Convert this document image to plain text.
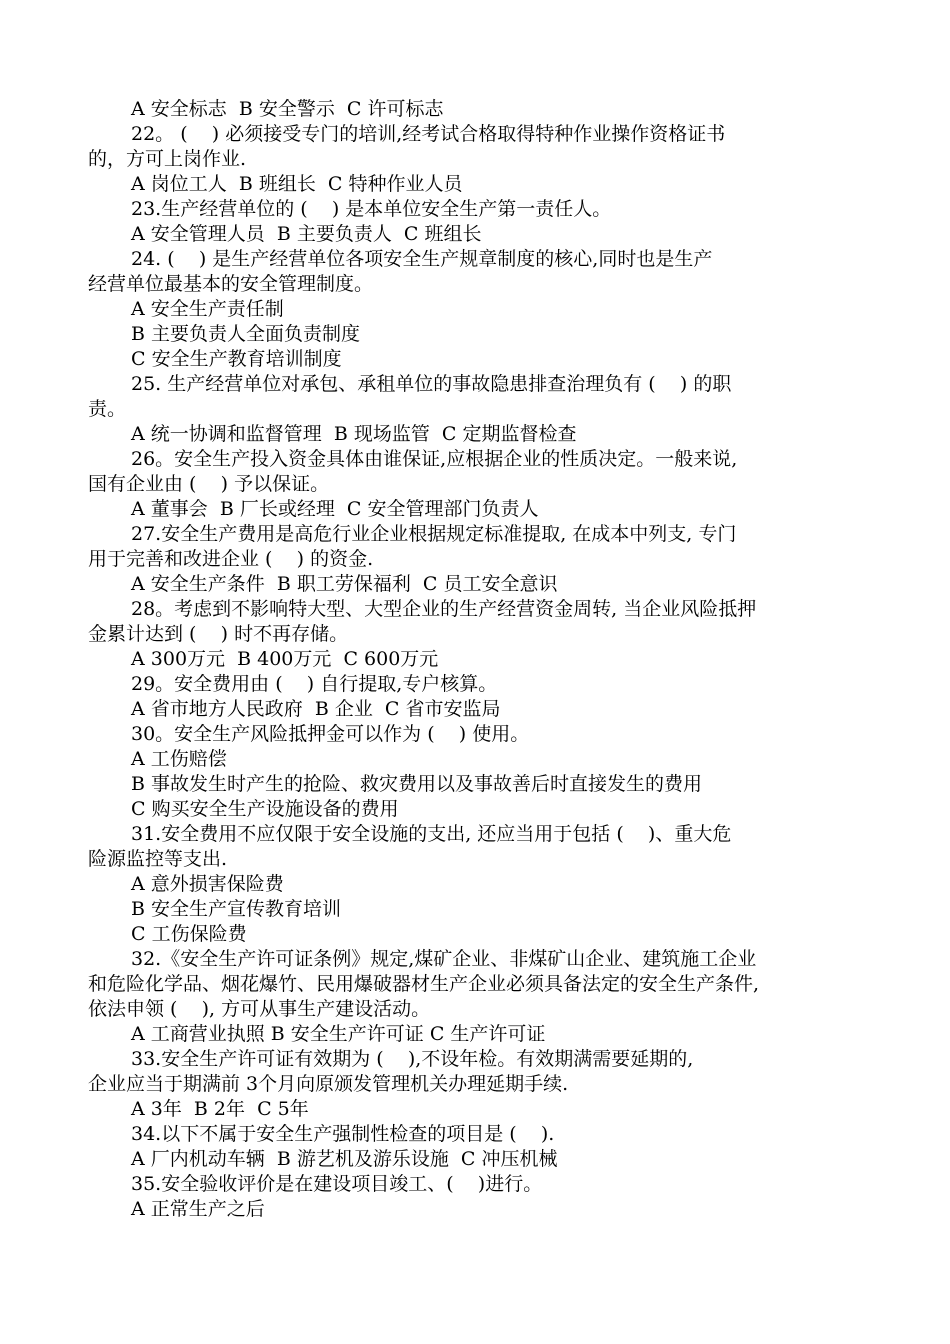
A 安全标志  B 安全警示  C 许可标志
22。 (    ) 必须接受专门的培训,经考试合格取得特种作业操作资格证书
的，方可上岗作业.
A 岗位工人  B 班组长  C 特种作业人员
23.生产经营单位的 (    ) 是本单位安全生产第一责任人。
A 安全管理人员  B 主要负责人  C 班组长
24. (    ) 是生产经营单位各项安全生产规章制度的核心,同时也是生产
经营单位最基本的安全管理制度。
A 安全生产责任制
B 主要负责人全面负责制度
C 安全生产教育培训制度
25. 生产经营单位对承包、承租单位的事故隐患排查治理负有 (    ) 的职
责。
A 统一协调和监督管理  B 现场监管  C 定期监督检查
26。安全生产投入资金具体由谁保证,应根据企业的性质决定。一般来说,
国有企业由 (    ) 予以保证。
A 董事会  B 厂长或经理  C 安全管理部门负责人
27.安全生产费用是高危行业企业根据规定标准提取, 在成本中列支, 专门
用于完善和改进企业 (    ) 的资金.
A 安全生产条件  B 职工劳保福利  C 员工安全意识
28。考虑到不影响特大型、大型企业的生产经营资金周转, 当企业风险抵押
金累计达到 (    ) 时不再存储。
A 300万元  B 400万元  C 600万元
29。安全费用由 (    ) 自行提取,专户核算。
A 省市地方人民政府  B 企业  C 省市安监局
30。安全生产风险抵押金可以作为 (    ) 使用。
A 工伤赔偿
B 事故发生时产生的抢险、救灾费用以及事故善后时直接发生的费用
C 购买安全生产设施设备的费用
31.安全费用不应仅限于安全设施的支出, 还应当用于包括 (    )、重大危
险源监控等支出.
A 意外损害保险费
B 安全生产宣传教育培训
C 工伤保险费
32.《安全生产许可证条例》规定,煤矿企业、非煤矿山企业、建筑施工企业
和危险化学品、烟花爆竹、民用爆破器材生产企业必须具备法定的安全生产条件,
依法申领 (    ), 方可从事生产建设活动。
A 工商营业执照 B 安全生产许可证 C 生产许可证
33.安全生产许可证有效期为 (    ),不设年检。有效期满需要延期的,
企业应当于期满前 3个月向原颁发管理机关办理延期手续.
A 3年  B 2年  C 5年
34.以下不属于安全生产强制性检查的项目是 (    ).
A 厂内机动车辆  B 游艺机及游乐设施  C 冲压机械
35.安全验收评价是在建设项目竣工、(    )进行。
A 正常生产之后
